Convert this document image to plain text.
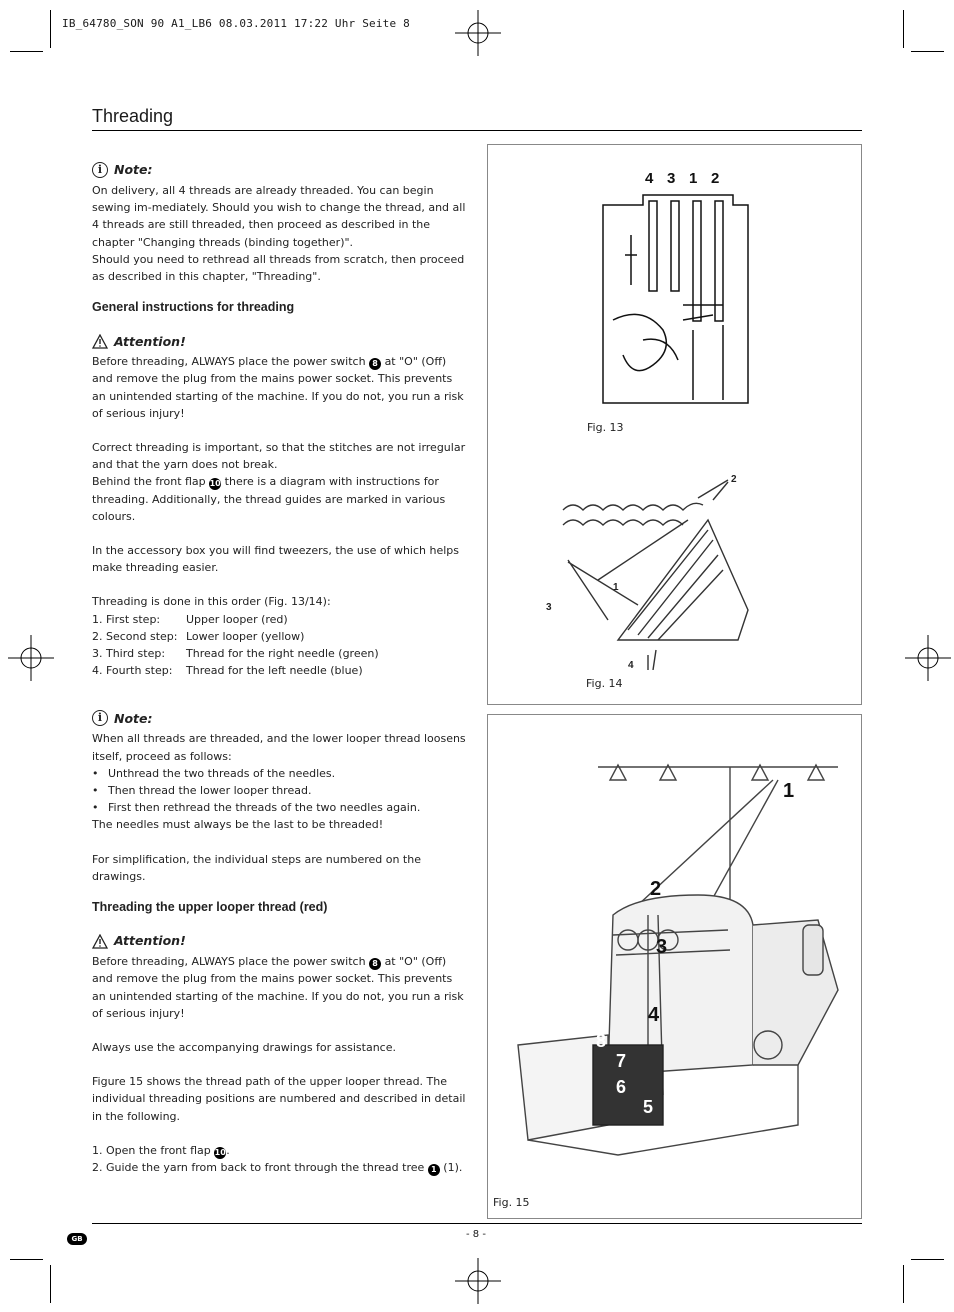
IB_64780_SON 90 A1_LB6 08.03.2011 17:22 Uhr Seite 8
Threading
i Note:

On delivery, all 4 threads are already threaded. You can begin sewing im-mediately. Should you wish to change the thread, and all 4 threads are still threaded, then proceed as described in the chapter "Changing threads (binding together)".

Should you need to rethread all threads from scratch, then proceed as described in this chapter, "Threading".

General instructions for threading
Attention!

Before threading, ALWAYS place the power switch 8 at "O" (Off) and remove the plug from the mains power socket. This prevents an unintended starting of the machine. If you do not, you run a risk of serious injury!

Correct threading is important, so that the stitches are not irregular and that the yarn does not break.

Behind the front flap 10 there is a diagram with instructions for threading. Additionally, the thread guides are marked in various colours.

In the accessory box you will find tweezers, the use of which helps make threading easier.

Threading is done in this order (Fig. 13/14):

1. First step:	Upper looper (red)
2. Second step: Lower looper (yellow)
3. Third step:	Thread for the right needle (green)
4. Fourth step:	Thread for the left needle (blue)
i Note:

When all threads are threaded, and the lower looper thread loosens itself, proceed as follows:

• Unthread the two threads of the needles.
• Then thread the lower looper thread.
• First then rethread the threads of the two needles again.

The needles must always be the last to be threaded!

For simplification, the individual steps are numbered on the drawings.

Threading the upper looper thread (red)
Attention!

Before threading, ALWAYS place the power switch 8 at "O" (Off) and remove the plug from the mains power socket. This prevents an unintended starting of the machine. If you do not, you run a risk of serious injury!

Always use the accompanying drawings for assistance.

Figure 15 shows the thread path of the upper looper thread. The individual threading positions are numbered and described in detail in the following.

1. Open the front flap 10.

2. Guide the yarn from back to front through the thread tree 1 (1).

4 3 1 2
Fig. 13
1
2
3
4
Fig. 14
1
2
3
4
5
6
7
8
Fig. 15
GB	- 8 -
